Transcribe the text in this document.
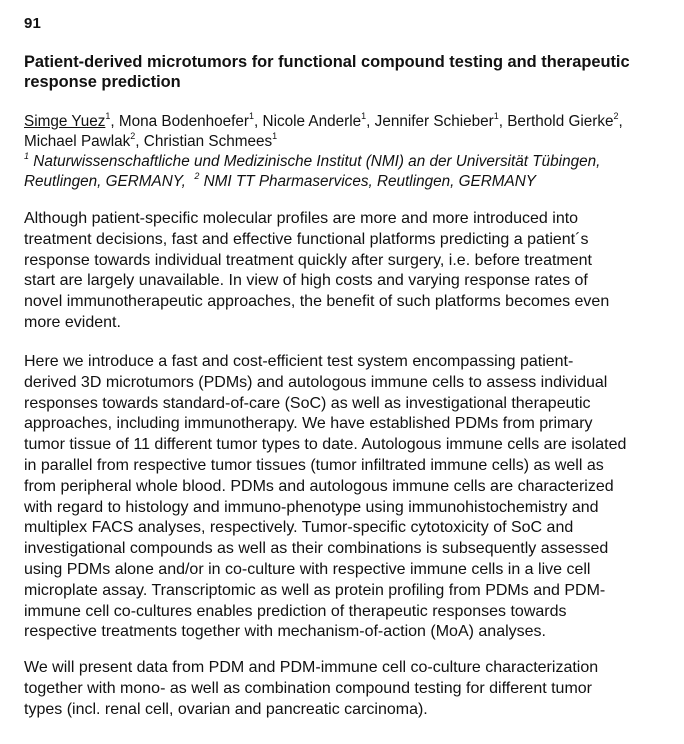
91
Patient-derived microtumors for functional compound testing and therapeutic
response prediction
Simge Yuez$^1$, Mona Bodenhoefer$^1$, Nicole Anderle$^1$, Jennifer Schieber$^1$, Berthold Gierke$^2$, Michael Pawlak$^2$, Christian Schmees$^1$
$^1$ Naturwissenschaftliche und Medizinische Institut (NMI) an der Universität Tübingen, Reutlingen, GERMANY, $^2$ NMI TT Pharmaservices, Reutlingen, GERMANY
Although patient-specific molecular profiles are more and more introduced into
treatment decisions, fast and effective functional platforms predicting a patient´s
response towards individual treatment quickly after surgery, i.e. before treatment
start are largely unavailable. In view of high costs and varying response rates of
novel immunotherapeutic approaches, the benefit of such platforms becomes even
more evident.
Here we introduce a fast and cost-efficient test system encompassing patient-
derived 3D microtumors (PDMs) and autologous immune cells to assess individual
responses towards standard-of-care (SoC) as well as investigational therapeutic
approaches, including immunotherapy. We have established PDMs from primary
tumor tissue of 11 different tumor types to date. Autologous immune cells are isolated
in parallel from respective tumor tissues (tumor infiltrated immune cells) as well as
from peripheral whole blood. PDMs and autologous immune cells are characterized
with regard to histology and immuno-phenotype using immunohistochemistry and
multiplex FACS analyses, respectively. Tumor-specific cytotoxicity of SoC and
investigational compounds as well as their combinations is subsequently assessed
using PDMs alone and/or in co-culture with respective immune cells in a live cell
microplate assay. Transcriptomic as well as protein profiling from PDMs and PDM-
immune cell co-cultures enables prediction of therapeutic responses towards
respective treatments together with mechanism-of-action (MoA) analyses.
We will present data from PDM and PDM-immune cell co-culture characterization
together with mono- as well as combination compound testing for different tumor
types (incl. renal cell, ovarian and pancreatic carcinoma).
